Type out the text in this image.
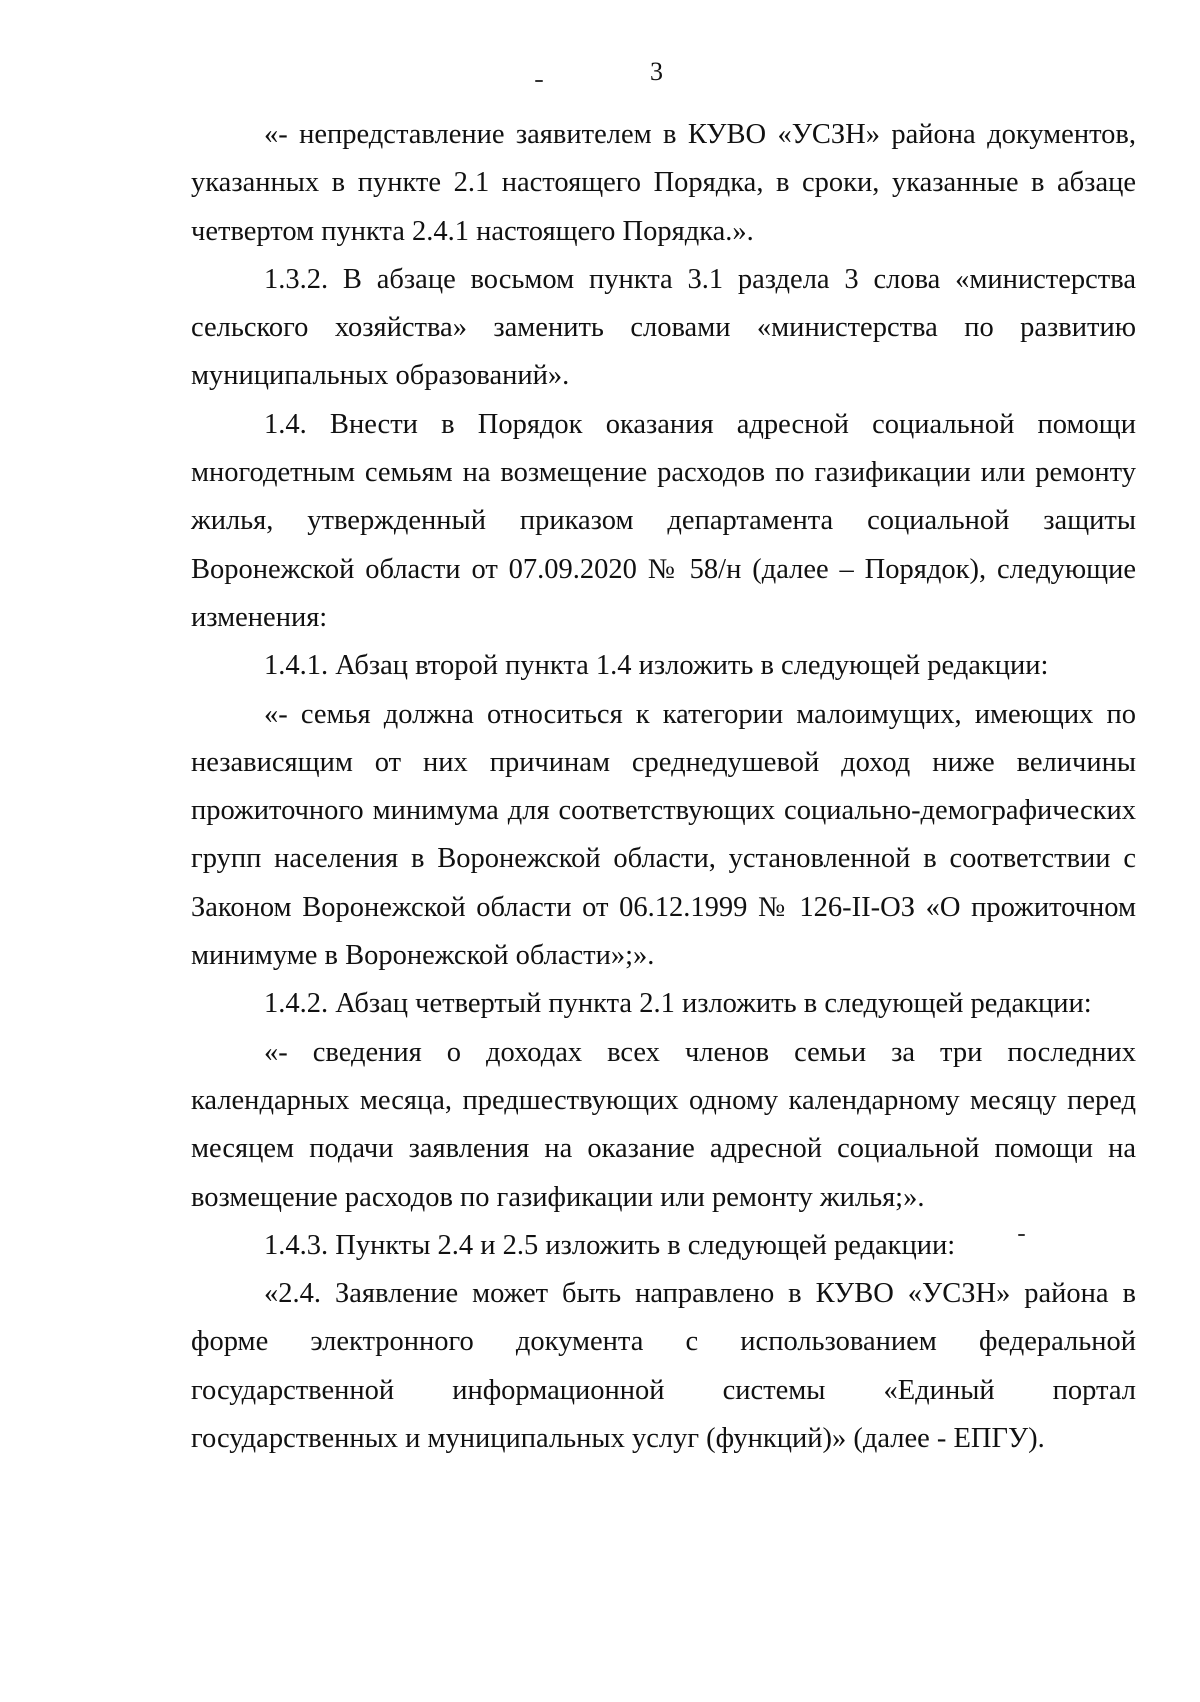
3

«- непредставление заявителем в КУВО «УСЗН» района документов, указанных в пункте 2.1 настоящего Порядка, в сроки, указанные в абзаце четвертом пункта 2.4.1 настоящего Порядка.».

1.3.2. В абзаце восьмом пункта 3.1 раздела 3 слова «министерства сельского хозяйства» заменить словами «министерства по развитию муниципальных образований».

1.4. Внести в Порядок оказания адресной социальной помощи многодетным семьям на возмещение расходов по газификации или ремонту жилья, утвержденный приказом департамента социальной защиты Воронежской области от 07.09.2020 № 58/н (далее – Порядок), следующие изменения:

1.4.1. Абзац второй пункта 1.4 изложить в следующей редакции:

«- семья должна относиться к категории малоимущих, имеющих по независящим от них причинам среднедушевой доход ниже величины прожиточного минимума для соответствующих социально-демографических групп населения в Воронежской области, установленной в соответствии с Законом Воронежской области от 06.12.1999 № 126-II-ОЗ «О прожиточном минимуме в Воронежской области»;».

1.4.2. Абзац четвертый пункта 2.1 изложить в следующей редакции:

«- сведения о доходах всех членов семьи за три последних календарных месяца, предшествующих одному календарному месяцу перед месяцем подачи заявления на оказание адресной социальной помощи на возмещение расходов по газификации или ремонту жилья;».

1.4.3. Пункты 2.4 и 2.5 изложить в следующей редакции:

«2.4. Заявление может быть направлено в КУВО «УСЗН» района в форме электронного документа с использованием федеральной государственной информационной системы «Единый портал государственных и муниципальных услуг (функций)» (далее - ЕПГУ).
